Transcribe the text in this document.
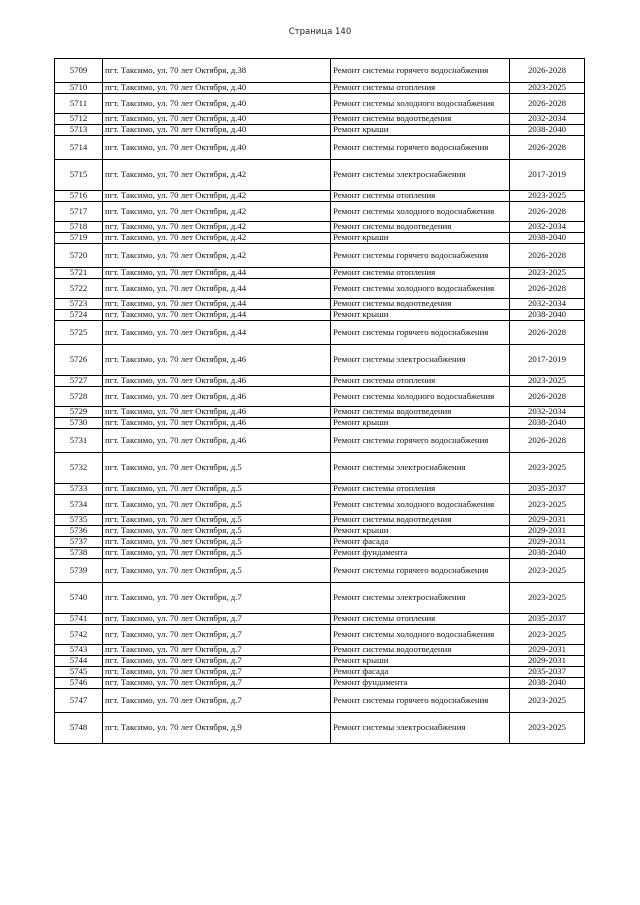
Страница 140
5709	пгт. Таксимо, ул. 70 лет Октября, д.38	Ремонт системы горячего водоснабжения	2026-2028
5710	пгт. Таксимо, ул. 70 лет Октября, д.40	Ремонт системы отопления	2023-2025
5711	пгт. Таксимо, ул. 70 лет Октября, д.40	Ремонт системы холодного водоснабжения	2026-2028
5712	пгт. Таксимо, ул. 70 лет Октября, д.40	Ремонт системы водоотведения	2032-2034
5713	пгт. Таксимо, ул. 70 лет Октября, д.40	Ремонт крыши	2038-2040
5714	пгт. Таксимо, ул. 70 лет Октября, д.40	Ремонт системы горячего водоснабжения	2026-2028
5715	пгт. Таксимо, ул. 70 лет Октября, д.42	Ремонт системы электроснабжения	2017-2019
5716	пгт. Таксимо, ул. 70 лет Октября, д.42	Ремонт системы отопления	2023-2025
5717	пгт. Таксимо, ул. 70 лет Октября, д.42	Ремонт системы холодного водоснабжения	2026-2028
5718	пгт. Таксимо, ул. 70 лет Октября, д.42	Ремонт системы водоотведения	2032-2034
5719	пгт. Таксимо, ул. 70 лет Октября, д.42	Ремонт крыши	2038-2040
5720	пгт. Таксимо, ул. 70 лет Октября, д.42	Ремонт системы горячего водоснабжения	2026-2028
5721	пгт. Таксимо, ул. 70 лет Октября, д.44	Ремонт системы отопления	2023-2025
5722	пгт. Таксимо, ул. 70 лет Октября, д.44	Ремонт системы холодного водоснабжения	2026-2028
5723	пгт. Таксимо, ул. 70 лет Октября, д.44	Ремонт системы водоотведения	2032-2034
5724	пгт. Таксимо, ул. 70 лет Октября, д.44	Ремонт крыши	2038-2040
5725	пгт. Таксимо, ул. 70 лет Октября, д.44	Ремонт системы горячего водоснабжения	2026-2028
5726	пгт. Таксимо, ул. 70 лет Октября, д.46	Ремонт системы электроснабжения	2017-2019
5727	пгт. Таксимо, ул. 70 лет Октября, д.46	Ремонт системы отопления	2023-2025
5728	пгт. Таксимо, ул. 70 лет Октября, д.46	Ремонт системы холодного водоснабжения	2026-2028
5729	пгт. Таксимо, ул. 70 лет Октября, д.46	Ремонт системы водоотведения	2032-2034
5730	пгт. Таксимо, ул. 70 лет Октября, д.46	Ремонт крыши	2038-2040
5731	пгт. Таксимо, ул. 70 лет Октября, д.46	Ремонт системы горячего водоснабжения	2026-2028
5732	пгт. Таксимо, ул. 70 лет Октября, д.5	Ремонт системы электроснабжения	2023-2025
5733	пгт. Таксимо, ул. 70 лет Октября, д.5	Ремонт системы отопления	2035-2037
5734	пгт. Таксимо, ул. 70 лет Октября, д.5	Ремонт системы холодного водоснабжения	2023-2025
5735	пгт. Таксимо, ул. 70 лет Октября, д.5	Ремонт системы водоотведения	2029-2031
5736	пгт. Таксимо, ул. 70 лет Октября, д.5	Ремонт крыши	2029-2031
5737	пгт. Таксимо, ул. 70 лет Октября, д.5	Ремонт фасада	2029-2031
5738	пгт. Таксимо, ул. 70 лет Октября, д.5	Ремонт фундамента	2038-2040
5739	пгт. Таксимо, ул. 70 лет Октября, д.5	Ремонт системы горячего водоснабжения	2023-2025
5740	пгт. Таксимо, ул. 70 лет Октября, д.7	Ремонт системы электроснабжения	2023-2025
5741	пгт. Таксимо, ул. 70 лет Октября, д.7	Ремонт системы отопления	2035-2037
5742	пгт. Таксимо, ул. 70 лет Октября, д.7	Ремонт системы холодного водоснабжения	2023-2025
5743	пгт. Таксимо, ул. 70 лет Октября, д.7	Ремонт системы водоотведения	2029-2031
5744	пгт. Таксимо, ул. 70 лет Октября, д.7	Ремонт крыши	2029-2031
5745	пгт. Таксимо, ул. 70 лет Октября, д.7	Ремонт фасада	2035-2037
5746	пгт. Таксимо, ул. 70 лет Октября, д.7	Ремонт фундамента	2038-2040
5747	пгт. Таксимо, ул. 70 лет Октября, д.7	Ремонт системы горячего водоснабжения	2023-2025
5748	пгт. Таксимо, ул. 70 лет Октября, д.9	Ремонт системы электроснабжения	2023-2025
